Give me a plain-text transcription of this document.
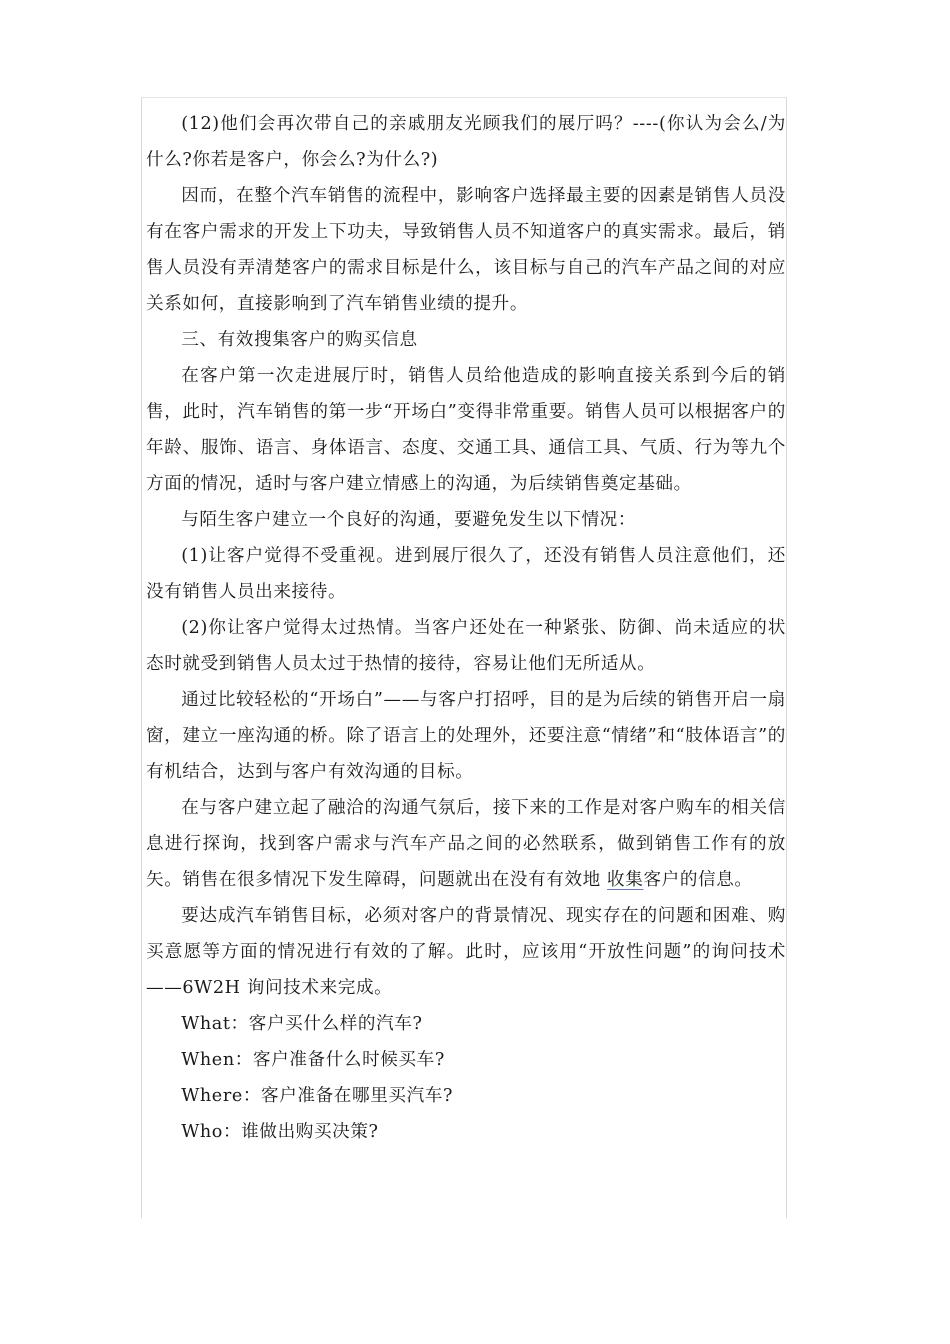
(12)他们会再次带自己的亲戚朋友光顾我们的展厅吗？----(你认为会么/为什么?你若是客户，你会么?为什么?)

因而，在整个汽车销售的流程中，影响客户选择最主要的因素是销售人员没有在客户需求的开发上下功夫，导致销售人员不知道客户的真实需求。最后，销售人员没有弄清楚客户的需求目标是什么，该目标与自己的汽车产品之间的对应关系如何，直接影响到了汽车销售业绩的提升。

三、有效搜集客户的购买信息

在客户第一次走进展厅时，销售人员给他造成的影响直接关系到今后的销售，此时，汽车销售的第一步“开场白”变得非常重要。销售人员可以根据客户的年龄、服饰、语言、身体语言、态度、交通工具、通信工具、气质、行为等九个方面的情况，适时与客户建立情感上的沟通，为后续销售奠定基础。

与陌生客户建立一个良好的沟通，要避免发生以下情况：

(1)让客户觉得不受重视。进到展厅很久了，还没有销售人员注意他们，还没有销售人员出来接待。

(2)你让客户觉得太过热情。当客户还处在一种紧张、防御、尚未适应的状态时就受到销售人员太过于热情的接待，容易让他们无所适从。

通过比较轻松的“开场白”——与客户打招呼，目的是为后续的销售开启一扇窗，建立一座沟通的桥。除了语言上的处理外，还要注意“情绪”和“肢体语言”的有机结合，达到与客户有效沟通的目标。

在与客户建立起了融洽的沟通气氛后，接下来的工作是对客户购车的相关信息进行探询，找到客户需求与汽车产品之间的必然联系，做到销售工作有的放矢。销售在很多情况下发生障碍，问题就出在没有有效地 收集客户的信息。

要达成汽车销售目标，必须对客户的背景情况、现实存在的问题和困难、购买意愿等方面的情况进行有效的了解。此时，应该用“开放性问题”的询问技术——6W2H 询问技术来完成。

What：客户买什么样的汽车?

When：客户准备什么时候买车?

Where：客户准备在哪里买汽车?

Who：谁做出购买决策?
